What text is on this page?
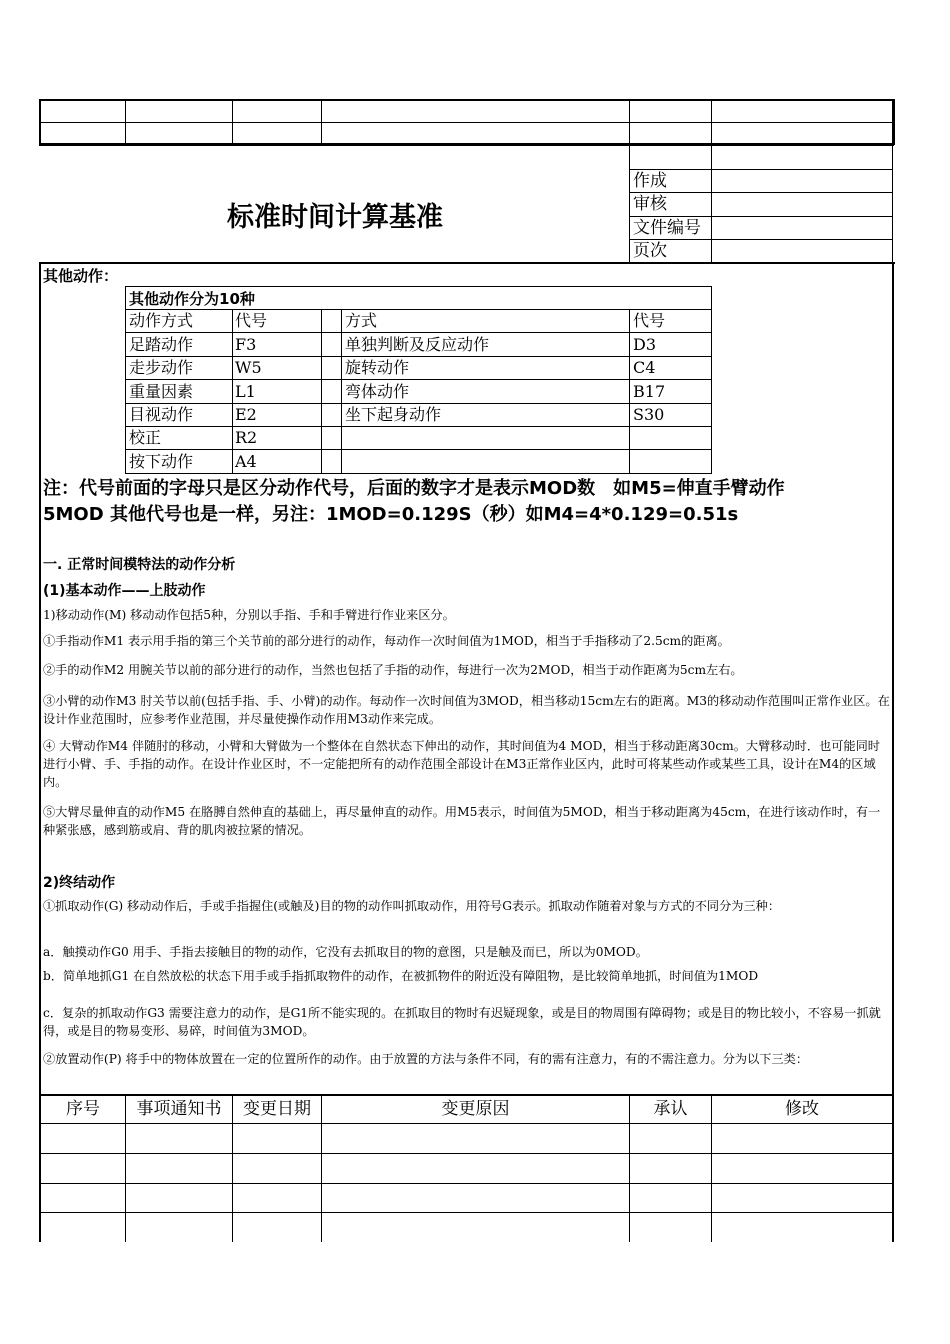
标准时间计算基准
作成
审核
文件编号
页次
其他动作：
其他动作分为10种
动作方式	代号	方式	代号
足踏动作	F3	单独判断及反应动作	D3
走步动作	W5	旋转动作	C4
重量因素	L1	弯体动作	B17
目视动作	E2	坐下起身动作	S30
校正	R2
按下动作	A4
注：代号前面的字母只是区分动作代号，后面的数字才是表示MOD数　如M5=伸直手臂动作
5MOD 其他代号也是一样，另注：1MOD=0.129S（秒）如M4=4*0.129=0.51s
一. 正常时间模特法的动作分析
(1)基本动作——上肢动作
1)移动动作(M) 移动动作包括5种，分别以手指、手和手臂进行作业来区分。
①手指动作M1 表示用手指的第三个关节前的部分进行的动作，每动作一次时间值为1MOD，相当于手指移动了2.5cm的距离。
②手的动作M2 用腕关节以前的部分进行的动作，当然也包括了手指的动作，每进行一次为2MOD，相当于动作距离为5cm左右。
③小臂的动作M3 肘关节以前(包括手指、手、小臂)的动作。每动作一次时间值为3MOD，相当移动15cm左右的距离。M3的移动动作范围叫正常作业区。在设计作业范围时，应参考作业范围，并尽量使操作动作用M3动作来完成。
④ 大臂动作M4 伴随肘的移动，小臂和大臂做为一个整体在自然状态下伸出的动作，其时间值为4 MOD，相当于移动距离30cm。大臂移动时．也可能同时进行小臂、手、手指的动作。在设计作业区时，不一定能把所有的动作范围全部设计在M3正常作业区内，此时可将某些动作或某些工具，设计在M4的区域内。
⑤大臂尽量伸直的动作M5 在胳膊自然伸直的基础上，再尽量伸直的动作。用M5表示，时间值为5MOD，相当于移动距离为45cm，在进行该动作时，有一种紧张感，感到筋或肩、背的肌肉被拉紧的情况。
2)终结动作
①抓取动作(G) 移动动作后，手或手指握住(或触及)目的物的动作叫抓取动作，用符号G表示。抓取动作随着对象与方式的不同分为三种：
a．触摸动作G0 用手、手指去接触目的物的动作，它没有去抓取目的物的意图，只是触及而已，所以为0MOD。
b．简单地抓G1 在自然放松的状态下用手或手指抓取物件的动作，在被抓物件的附近没有障阻物，是比较简单地抓，时间值为1MOD
c．复杂的抓取动作G3 需要注意力的动作，是G1所不能实现的。在抓取目的物时有迟疑现象，或是目的物周围有障碍物；或是目的物比较小，不容易一抓就得，或是目的物易变形、易碎，时间值为3MOD。
②放置动作(P) 将手中的物体放置在一定的位置所作的动作。由于放置的方法与条件不同，有的需有注意力，有的不需注意力。分为以下三类：
序号	事项通知书	变更日期	变更原因	承认	修改
